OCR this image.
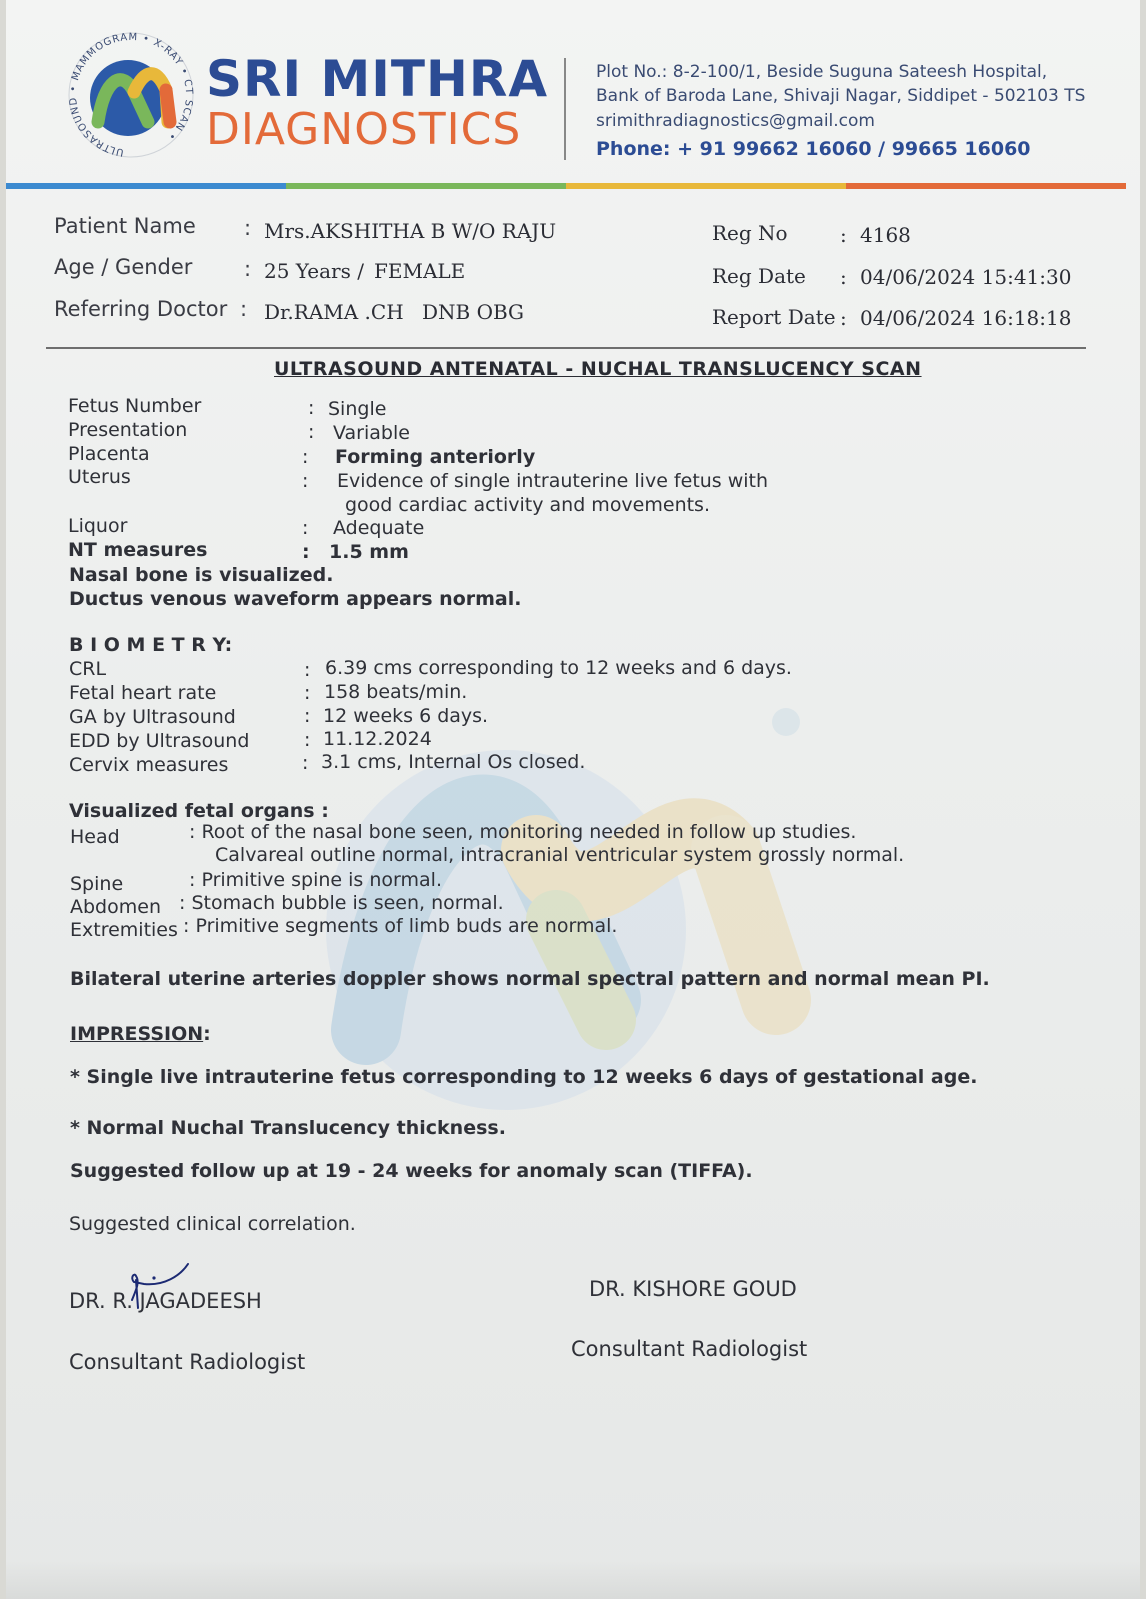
ULTRASOUND • MAMMOGRAM • X-RAY • CT SCAN •
SRI MITHRA
DIAGNOSTICS
Plot No.: 8-2-100/1, Beside Suguna Sateesh Hospital,
Bank of Baroda Lane, Shivaji Nagar, Siddipet - 502103 TS
srimithradiagnostics@gmail.com
Phone: + 91 99662 16060 / 99665 16060
Patient Name : Mrs.AKSHITHA B W/O RAJU
Age / Gender : 25 Years / FEMALE
Referring Doctor : Dr.RAMA .CH DNB OBG
Reg No	: 4168
Reg Date : 04/06/2024 15:41:30
Report Date : 04/06/2024 16:18:18
ULTRASOUND ANTENATAL - NUCHAL TRANSLUCENCY SCAN
Fetus Number	: Single
Presentation	: Variable
Placenta	: Forming anteriorly
Uterus	: Evidence of single intrauterine live fetus with
good cardiac activity and movements.
Liquor	: Adequate
NT measures	: 1.5 mm
Nasal bone is visualized.
Ductus venous waveform appears normal.
B I O M E T R Y:
CRL	: 6.39 cms corresponding to 12 weeks and 6 days.
Fetal heart rate	: 158 beats/min.
GA by Ultrasound	: 12 weeks 6 days.
EDD by Ultrasound	: 11.12.2024
Cervix measures	: 3.1 cms, Internal Os closed.
Visualized fetal organs :
Head	: Root of the nasal bone seen, monitoring needed in follow up studies.
Calvareal outline normal, intracranial ventricular system grossly normal.
Spine	: Primitive spine is normal.
Abdomen : Stomach bubble is seen, normal.
Extremities : Primitive segments of limb buds are normal.
Bilateral uterine arteries doppler shows normal spectral pattern and normal mean PI.
IMPRESSION:
* Single live intrauterine fetus corresponding to 12 weeks 6 days of gestational age.
* Normal Nuchal Translucency thickness.
Suggested follow up at 19 - 24 weeks for anomaly scan (TIFFA).
Suggested clinical correlation.
DR. R. JAGADEESH
Consultant Radiologist
DR. KISHORE GOUD
Consultant Radiologist
